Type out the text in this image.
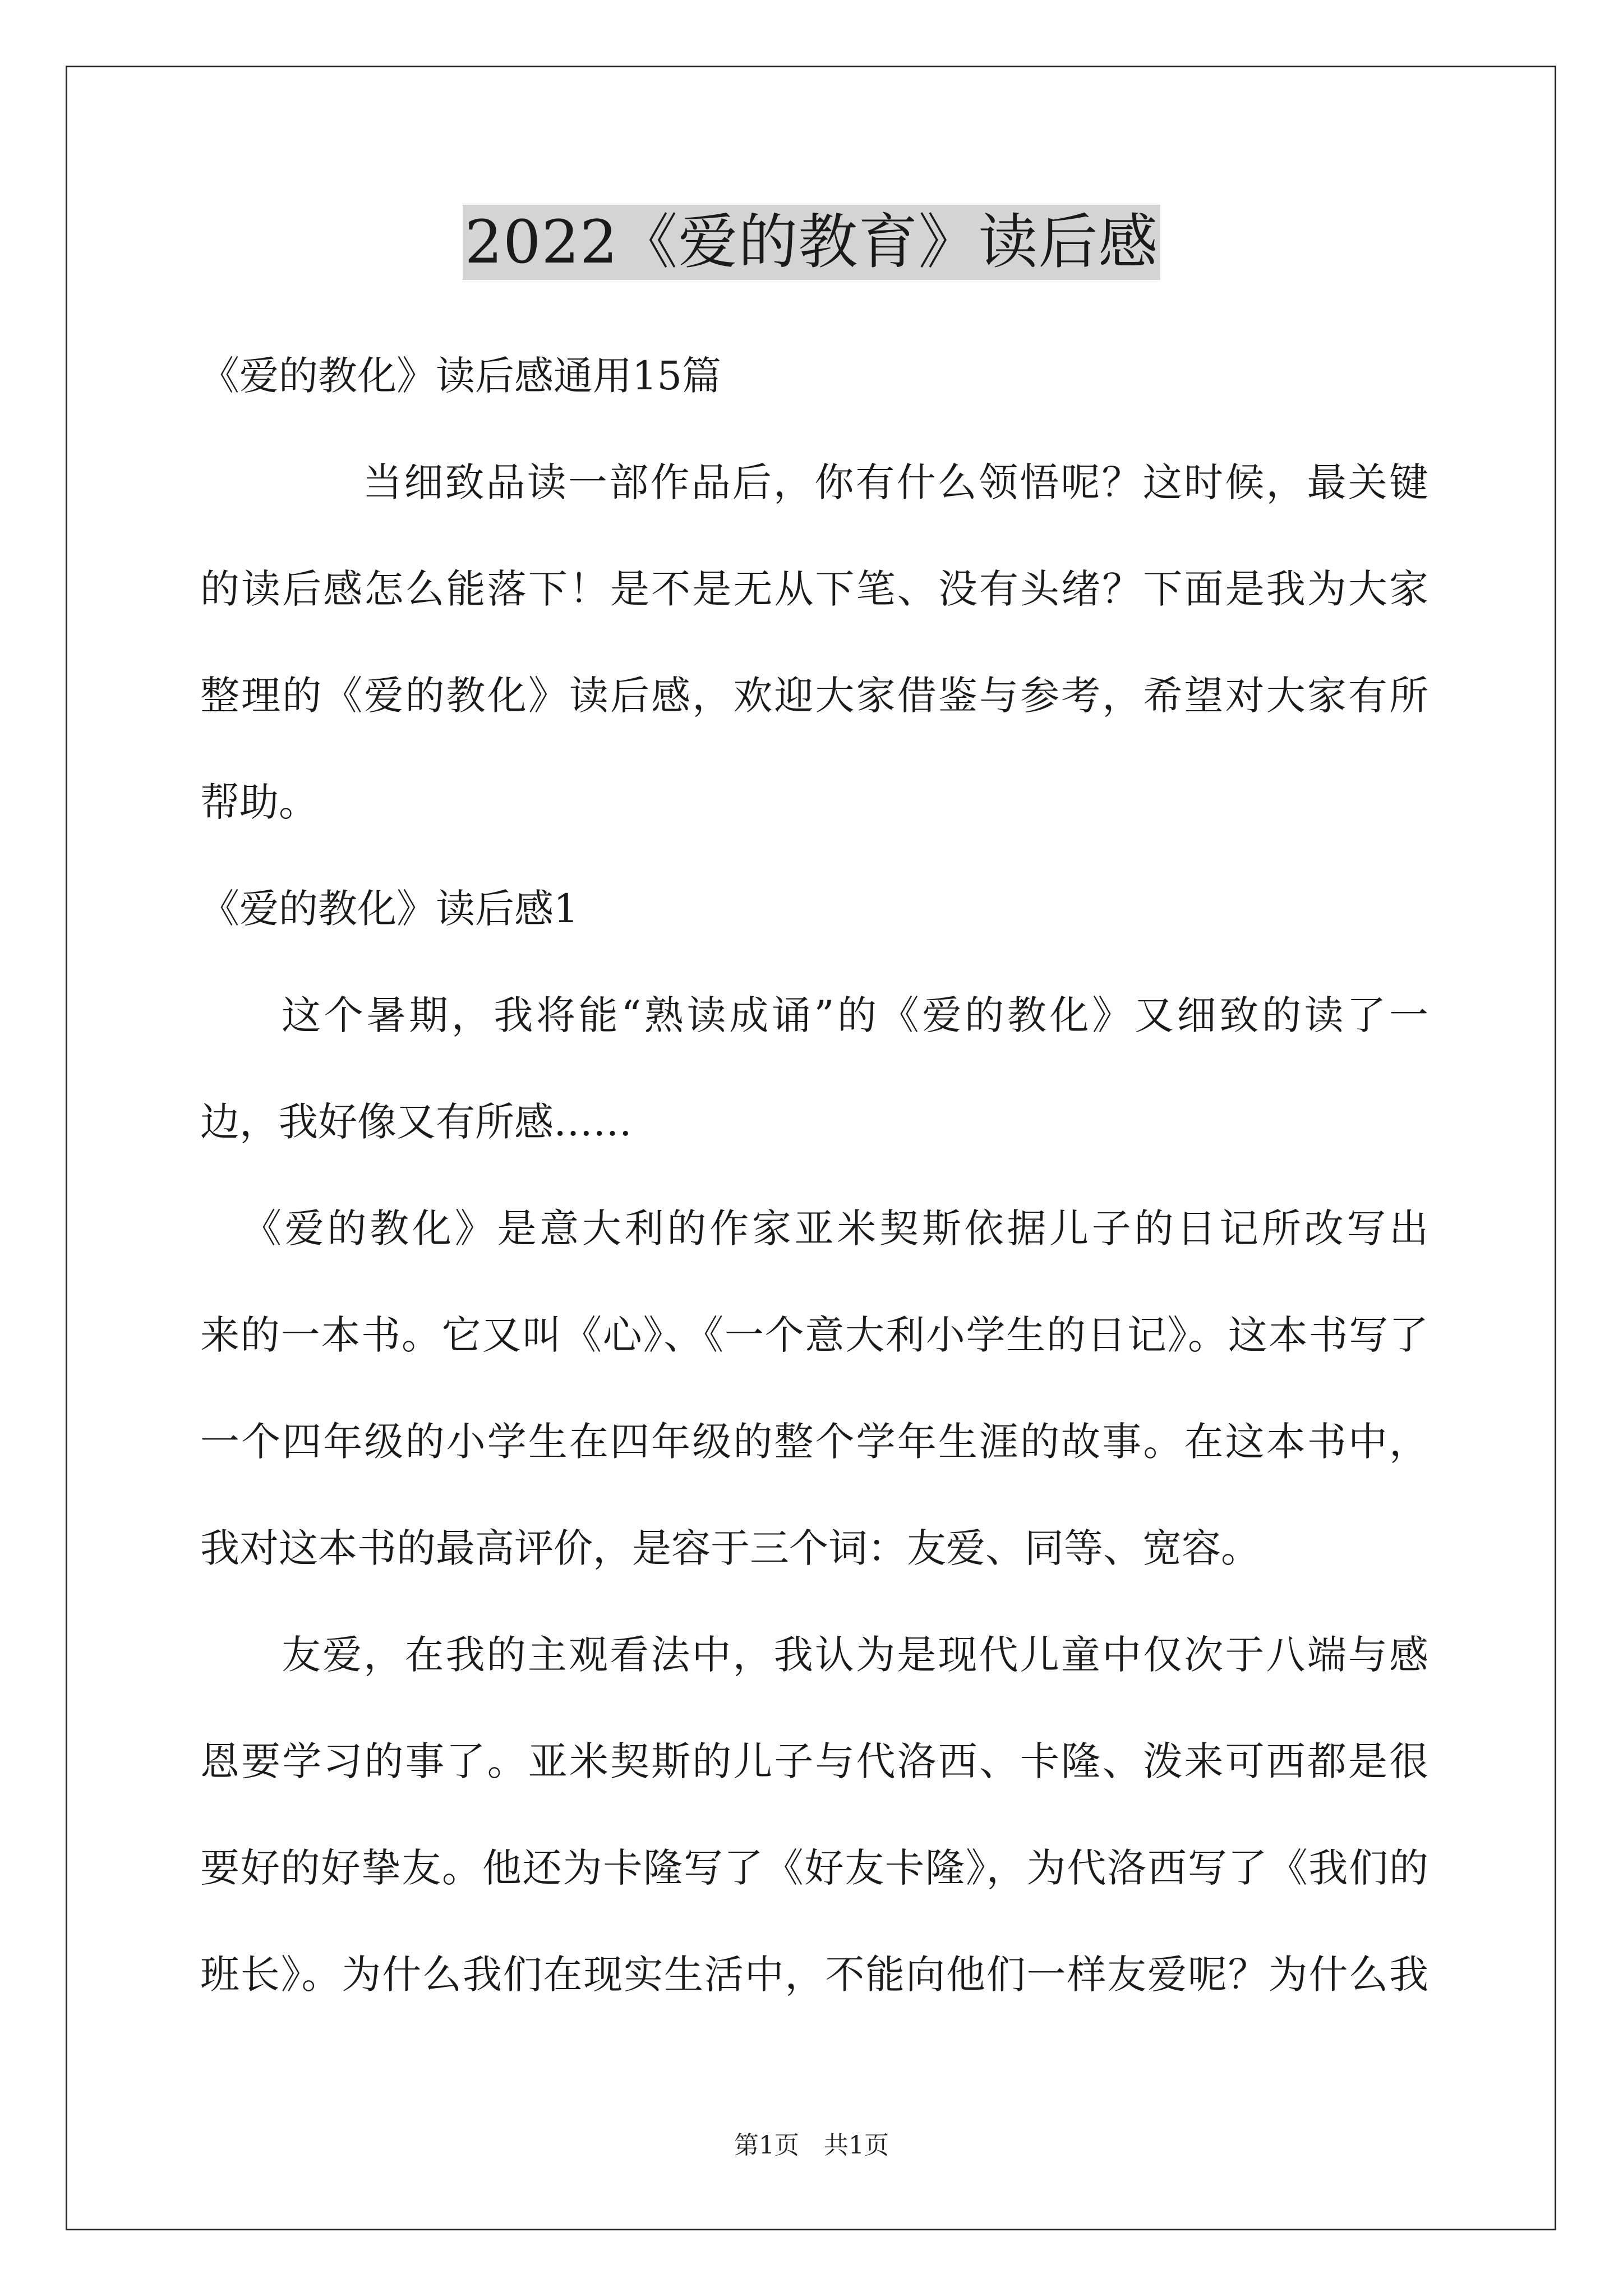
2022《爱的教育》读后感
《爱的教化》读后感通用15篇
当细致品读一部作品后，你有什么领悟呢？这时候，最关键
的读后感怎么能落下！是不是无从下笔、没有头绪？下面是我为大家
整理的《爱的教化》读后感，欢迎大家借鉴与参考，希望对大家有所
帮助。
《爱的教化》读后感1
这个暑期，我将能“熟读成诵”的《爱的教化》又细致的读了一
边，我好像又有所感……
《爱的教化》是意大利的作家亚米契斯依据儿子的日记所改写出
来的一本书。它又叫《心》、《一个意大利小学生的日记》。这本书写了
一个四年级的小学生在四年级的整个学年生涯的故事。在这本书中，
我对这本书的最高评价，是容于三个词：友爱、同等、宽容。
友爱，在我的主观看法中，我认为是现代儿童中仅次于八端与感
恩要学习的事了。亚米契斯的儿子与代洛西、卡隆、泼来可西都是很
要好的好挚友。他还为卡隆写了《好友卡隆》，为代洛西写了《我们的
班长》。为什么我们在现实生活中，不能向他们一样友爱呢？为什么我
第1页　共1页
